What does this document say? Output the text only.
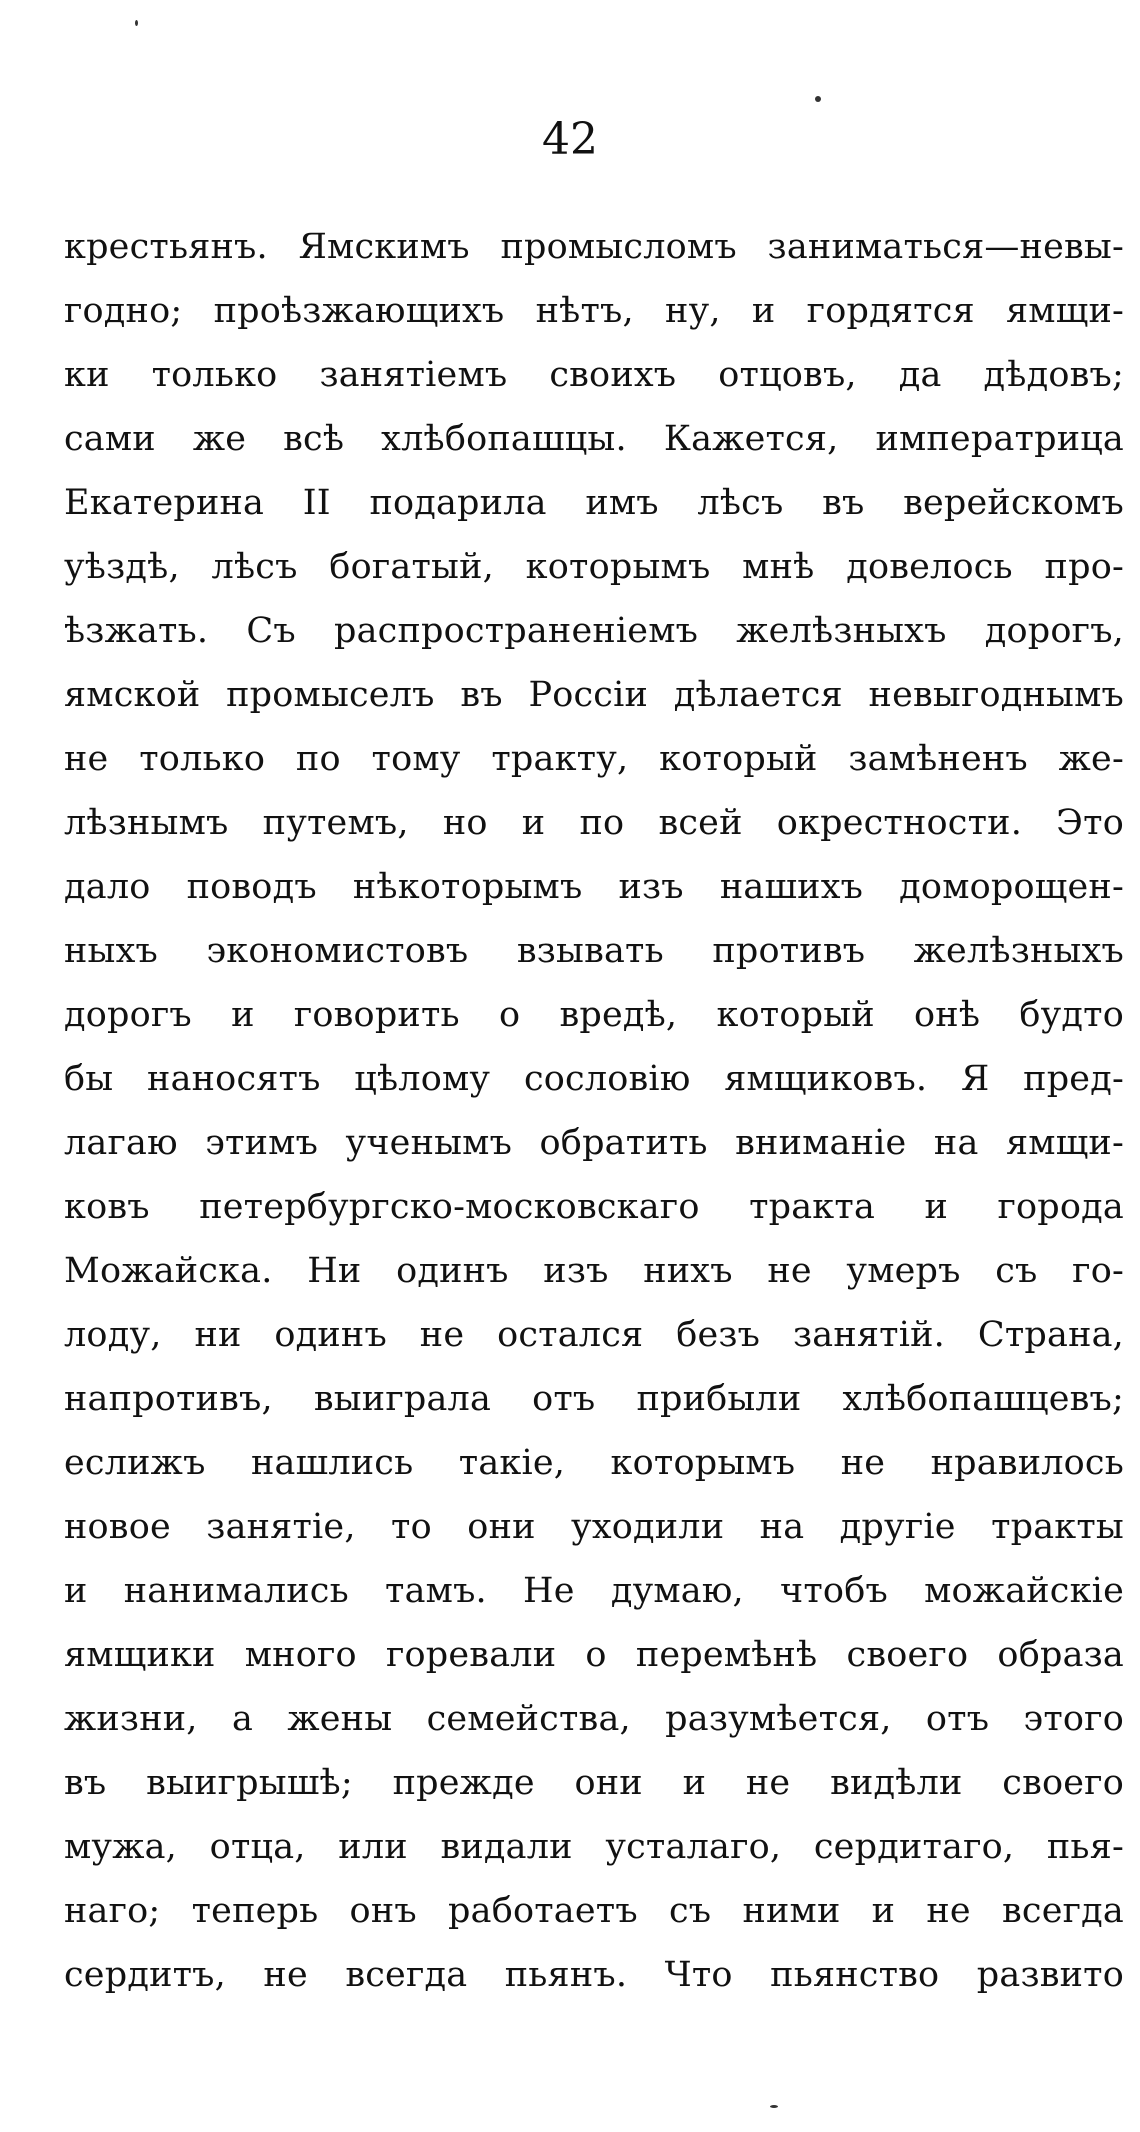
42
крестьянъ. Ямскимъ промысломъ заниматься—невы-
годно; проѣзжающихъ нѣтъ, ну, и гордятся ямщи-
ки только занятіемъ своихъ отцовъ, да дѣдовъ;
сами же всѣ хлѣбопашцы. Кажется, императрица
Екатерина II подарила имъ лѣсъ въ верейскомъ
уѣздѣ, лѣсъ богатый, которымъ мнѣ довелось про-
ѣзжать. Съ распространеніемъ желѣзныхъ дорогъ,
ямской промыселъ въ Россіи дѣлается невыгоднымъ
не только по тому тракту, который замѣненъ же-
лѣзнымъ путемъ, но и по всей окрестности. Это
дало поводъ нѣкоторымъ изъ нашихъ доморощен-
ныхъ экономистовъ взывать противъ желѣзныхъ
дорогъ и говорить о вредѣ, который онѣ будто
бы наносятъ цѣлому сословію ямщиковъ. Я пред-
лагаю этимъ ученымъ обратить вниманіе на ямщи-
ковъ петербургско-московскаго тракта и города
Можайска. Ни одинъ изъ нихъ не умеръ съ го-
лоду, ни одинъ не остался безъ занятій. Страна,
напротивъ, выиграла отъ прибыли хлѣбопашцевъ;
еслижъ нашлись такіе, которымъ не нравилось
новое занятіе, то они уходили на другіе тракты
и нанимались тамъ. Не думаю, чтобъ можайскіе
ямщики много горевали о перемѣнѣ своего образа
жизни, а жены семейства, разумѣется, отъ этого
въ выигрышѣ; прежде они и не видѣли своего
мужа, отца, или видали усталаго, сердитаго, пья-
наго; теперь онъ работаетъ съ ними и не всегда
сердитъ, не всегда пьянъ. Что пьянство развито
